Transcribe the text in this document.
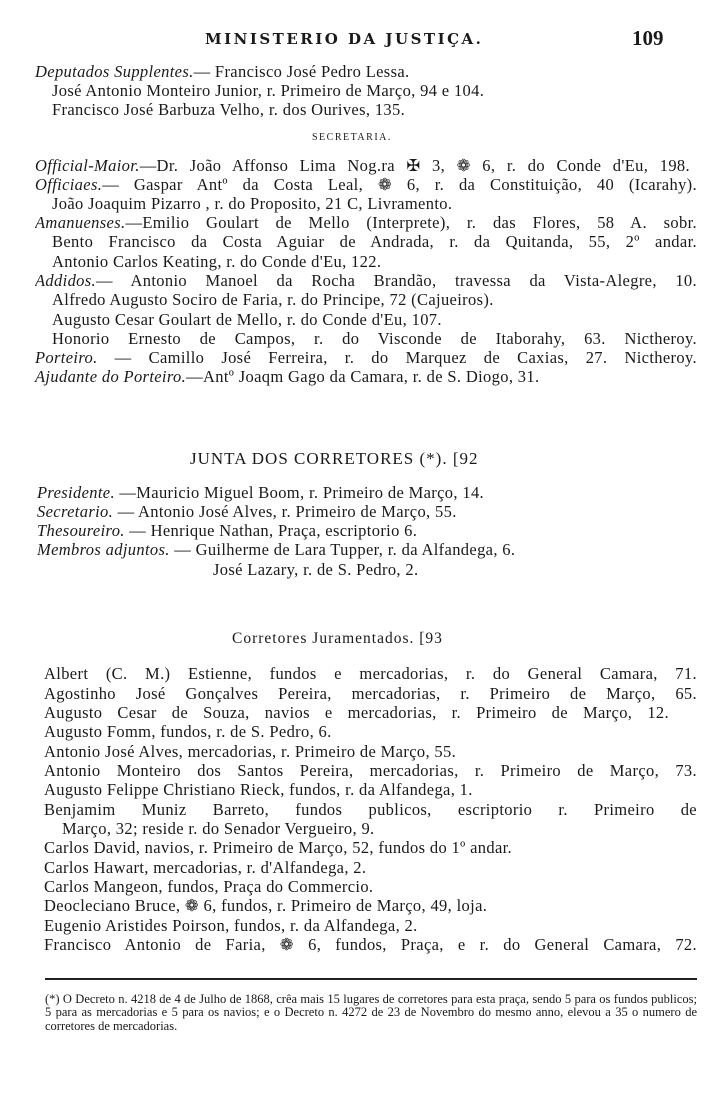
MINISTERIO DA JUSTIÇA.	109
SECRETARIA.
JUNTA DOS CORRETORES (*). [92
Corretores Juramentados. [93
Deputados Supplentes.— Francisco José Pedro Lessa.
José Antonio Monteiro Junior, r. Primeiro de Março, 94 e 104.
Francisco José Barbuza Velho, r. dos Ourives, 135.
Official-Maior.—Dr. João Affonso Lima Nog.ra ✠ 3, ❁ 6, r. do Conde d'Eu, 198.
Officiaes.— Gaspar Antº da Costa Leal, ❁ 6, r. da Constituição, 40 (Icarahy).
João Joaquim Pizarro , r. do Proposito, 21 C, Livramento.
Amanuenses.—Emilio Goulart de Mello (Interprete), r. das Flores, 58 A. sobr.
Bento Francisco da Costa Aguiar de Andrada, r. da Quitanda, 55, 2º andar.
Antonio Carlos Keating, r. do Conde d'Eu, 122.
Addidos.— Antonio Manoel da Rocha Brandão, travessa da Vista-Alegre, 10.
Alfredo Augusto Sociro de Faria, r. do Principe, 72 (Cajueiros).
Augusto Cesar Goulart de Mello, r. do Conde d'Eu, 107.
Honorio Ernesto de Campos, r. do Visconde de Itaborahy, 63. Nictheroy.
Porteiro. — Camillo José Ferreira, r. do Marquez de Caxias, 27. Nictheroy.
Ajudante do Porteiro.—Antº Joaqm Gago da Camara, r. de S. Diogo, 31.
Presidente. —Mauricio Miguel Boom, r. Primeiro de Março, 14.
Secretario. — Antonio José Alves, r. Primeiro de Março, 55.
Thesoureiro. — Henrique Nathan, Praça, escriptorio 6.
Membros adjuntos. — Guilherme de Lara Tupper, r. da Alfandega, 6.
José Lazary, r. de S. Pedro, 2.
Albert (C. M.) Estienne, fundos e mercadorias, r. do General Camara, 71.
Agostinho José Gonçalves Pereira, mercadorias, r. Primeiro de Março, 65.
Augusto Cesar de Souza, navios e mercadorias, r. Primeiro de Março, 12.
Augusto Fomm, fundos, r. de S. Pedro, 6.
Antonio José Alves, mercadorias, r. Primeiro de Março, 55.
Antonio Monteiro dos Santos Pereira, mercadorias, r. Primeiro de Março, 73.
Augusto Felippe Christiano Rieck, fundos, r. da Alfandega, 1.
Benjamim Muniz Barreto, fundos publicos, escriptorio r. Primeiro de
Março, 32; reside r. do Senador Vergueiro, 9.
Carlos David, navios, r. Primeiro de Março, 52, fundos do 1º andar.
Carlos Hawart, mercadorias, r. d'Alfandega, 2.
Carlos Mangeon, fundos, Praça do Commercio.
Deocleciano Bruce, ❁ 6, fundos, r. Primeiro de Março, 49, loja.
Eugenio Aristides Poirson, fundos, r. da Alfandega, 2.
Francisco Antonio de Faria, ❁ 6, fundos, Praça, e r. do General Camara, 72.
(*) O Decreto n. 4218 de 4 de Julho de 1868, crêa mais 15 lugares de corretores para esta praça, sendo 5 para os fundos publicos; 5 para as mercadorias e 5 para os navios; e o Decreto n. 4272 de 23 de Novembro do mesmo anno, elevou a 35 o numero de corretores de mercadorias.
